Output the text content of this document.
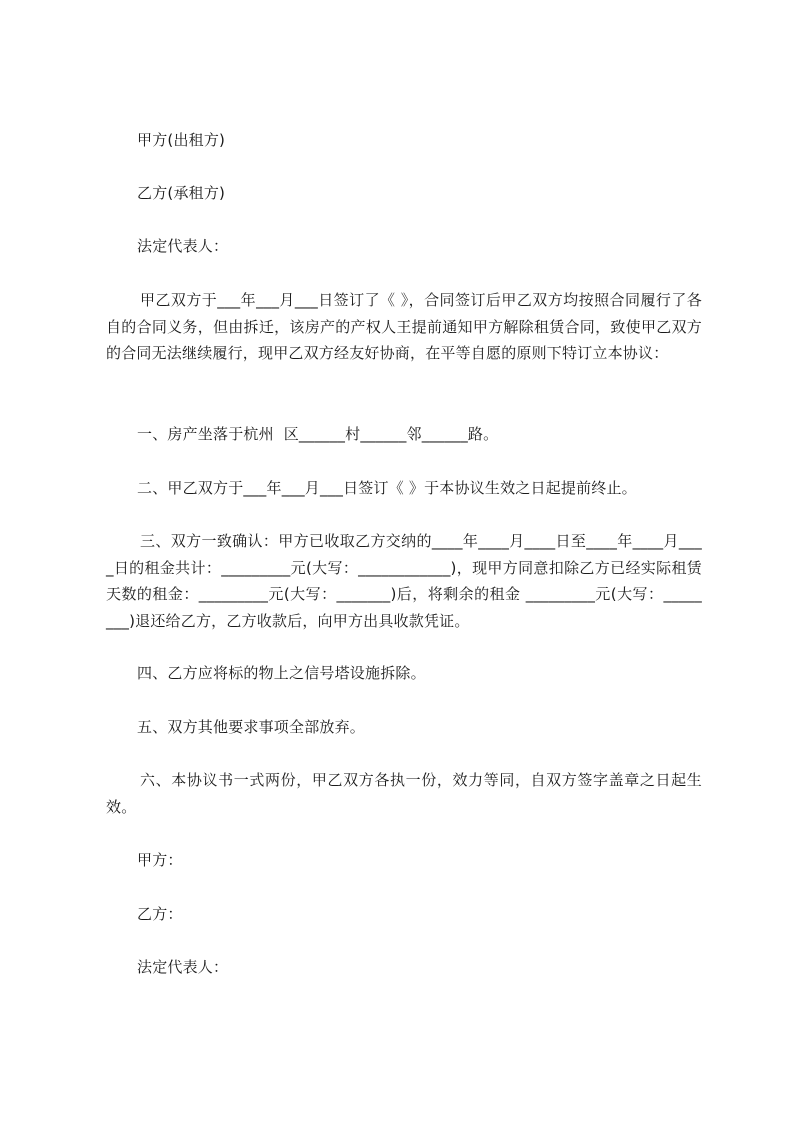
甲方(出租方)
乙方(承租方)
法定代表人：
甲乙双方于___年___月___日签订了《 》，合同签订后甲乙双方均按照合同履行了各自的合同义务，但由拆迁，该房产的产权人王提前通知甲方解除租赁合同，致使甲乙双方的合同无法继续履行，现甲乙双方经友好协商，在平等自愿的原则下特订立本协议：
一、房产坐落于杭州  区______村______邻______路。
二、甲乙双方于___年___月___日签订《 》于本协议生效之日起提前终止。
三、双方一致确认：甲方已收取乙方交纳的____年____月____日至____年____月____日的租金共计：_________元(大写：____________)，现甲方同意扣除乙方已经实际租赁天数的租金：_________元(大写：_______)后，将剩余的租金 _________元(大写：________)退还给乙方，乙方收款后，向甲方出具收款凭证。
四、乙方应将标的物上之信号塔设施拆除。
五、双方其他要求事项全部放弃。
六、本协议书一式两份，甲乙双方各执一份，效力等同，自双方签字盖章之日起生效。
甲方：
乙方：
法定代表人：
